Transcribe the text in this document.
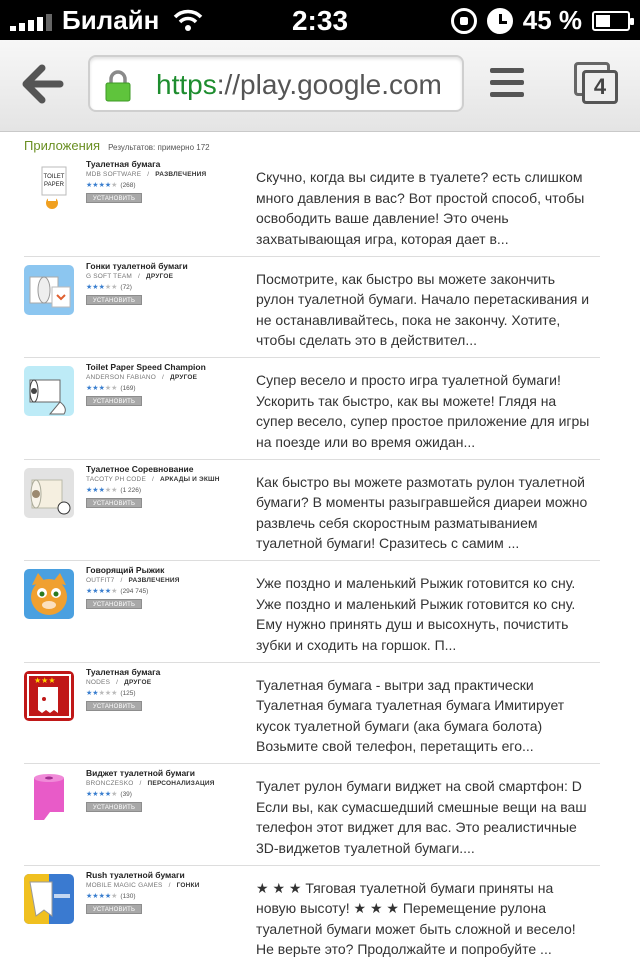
Билайн	2:33	45 %
https://play.google.com	4
Приложения Результатов: примерно 172
TOILET
PAPER
Туалетная бумага
MDB SOFTWARE / РАЗВЛЕЧЕНИЯ
★★★★★ (268)
УСТАНОВИТЬ
Скучно, когда вы сидите в туалете? есть слишком много давления в вас? Вот простой способ, чтобы освободить ваше давление! Это очень захватывающая игра, которая дает в...
Гонки туалетной бумаги
G SOFT TEAM / ДРУГОЕ
★★★★★ (72)
УСТАНОВИТЬ
Посмотрите, как быстро вы можете закончить рулон туалетной бумаги. Начало перетаскивания и не останавливайтесь, пока не закончу. Хотите, чтобы сделать это в действител...
Toilet Paper Speed Champion
ANDERSON FABIANO / ДРУГОЕ
★★★★★ (169)
УСТАНОВИТЬ
Супер весело и просто игра туалетной бумаги! Ускорить так быстро, как вы можете! Глядя на супер весело, супер простое приложение для игры на поезде или во время ожидан...
Туалетное Соревнование
TACOTY PH CODE / АРКАДЫ И ЭКШН
★★★★★ (1 226)
УСТАНОВИТЬ
Как быстро вы можете размотать рулон туалетной бумаги? В моменты разыгравшейся диареи можно развлечь себя скоростным разматыванием туалетной бумаги! Сразитесь с самим ...
Говорящий Рыжик
OUTFIT7 / РАЗВЛЕЧЕНИЯ
★★★★★ (294 745)
УСТАНОВИТЬ
Уже поздно и маленький Рыжик готовится ко сну. Уже поздно и маленький Рыжик готовится ко сну. Ему нужно принять душ и высохнуть, почистить зубки и сходить на горшок. П...
★★★
Туалетная бумага
NODES / ДРУГОЕ
★★★★★ (125)
УСТАНОВИТЬ
Туалетная бумага - вытри зад практически Туалетная бумага туалетная бумага Имитирует кусок туалетной бумаги (ака бумага болота) Возьмите свой телефон, перетащить его...
Виджет туалетной бумаги
BRONCZESKO / ПЕРСОНАЛИЗАЦИЯ
★★★★★ (39)
УСТАНОВИТЬ
Туалет рулон бумаги виджет на свой смартфон: D Если вы, как сумасшедший смешные вещи на ваш телефон этот виджет для вас. Это реалистичные 3D-виджетов туалетной бумаги....
Rush туалетной бумаги
MOBILE MAGIC GAMES / ГОНКИ
★★★★★ (130)
УСТАНОВИТЬ
★ ★ ★ Тяговая туалетной бумаги приняты на новую высоту! ★ ★ ★ Перемещение рулона туалетной бумаги может быть сложной и весело! Не верьте это? Продолжайте и попробуйте ...
